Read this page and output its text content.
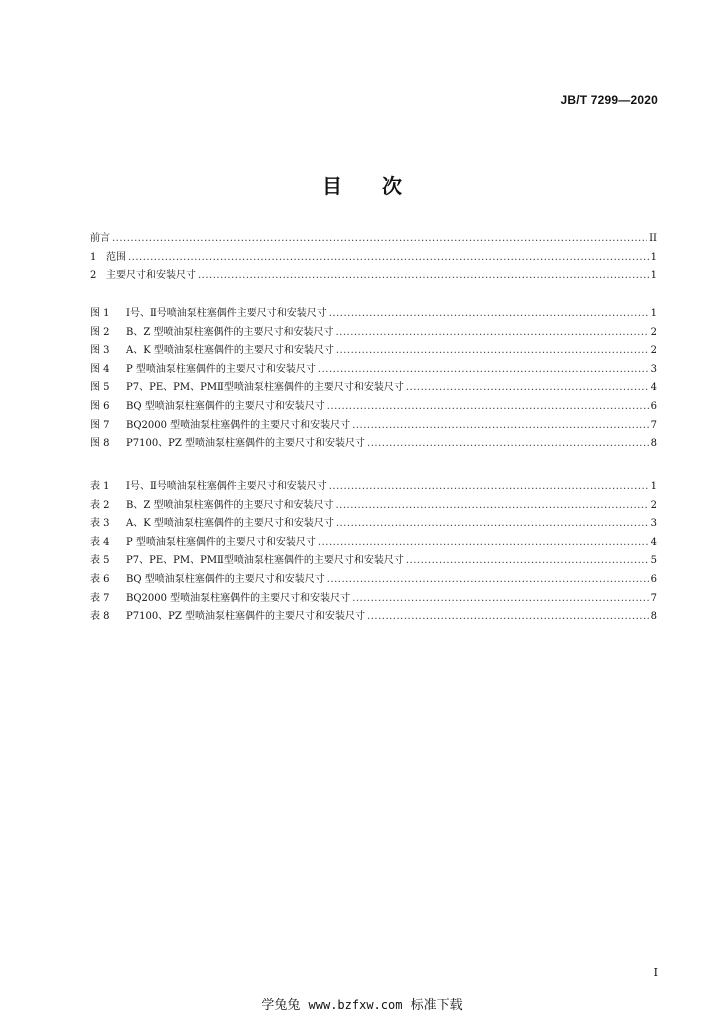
JB/T 7299—2020
目 次
前言 .....	II
1 范围 .....	1
2 主要尺寸和安装尺寸 .....	1
图 1	Ⅰ号、Ⅱ号喷油泵柱塞偶件主要尺寸和安装尺寸 .....	1
图 2	B、Z 型喷油泵柱塞偶件的主要尺寸和安装尺寸 .....	2
图 3	A、K 型喷油泵柱塞偶件的主要尺寸和安装尺寸 .....	2
图 4	P 型喷油泵柱塞偶件的主要尺寸和安装尺寸 .....	3
图 5	P7、PE、PM、PMⅡ型喷油泵柱塞偶件的主要尺寸和安装尺寸 .....	4
图 6	BQ 型喷油泵柱塞偶件的主要尺寸和安装尺寸 .....	6
图 7	BQ2000 型喷油泵柱塞偶件的主要尺寸和安装尺寸 .....	7
图 8	P7100、PZ 型喷油泵柱塞偶件的主要尺寸和安装尺寸 .....	8
表 1	Ⅰ号、Ⅱ号喷油泵柱塞偶件主要尺寸和安装尺寸 .....	1
表 2	B、Z 型喷油泵柱塞偶件的主要尺寸和安装尺寸 .....	2
表 3	A、K 型喷油泵柱塞偶件的主要尺寸和安装尺寸 .....	3
表 4	P 型喷油泵柱塞偶件的主要尺寸和安装尺寸 .....	4
表 5	P7、PE、PM、PMⅡ型喷油泵柱塞偶件的主要尺寸和安装尺寸 .....	5
表 6	BQ 型喷油泵柱塞偶件的主要尺寸和安装尺寸 .....	6
表 7	BQ2000 型喷油泵柱塞偶件的主要尺寸和安装尺寸 .....	7
表 8	P7100、PZ 型喷油泵柱塞偶件的主要尺寸和安装尺寸 .....	8
I
学兔兔 www.bzfxw.com 标准下载
